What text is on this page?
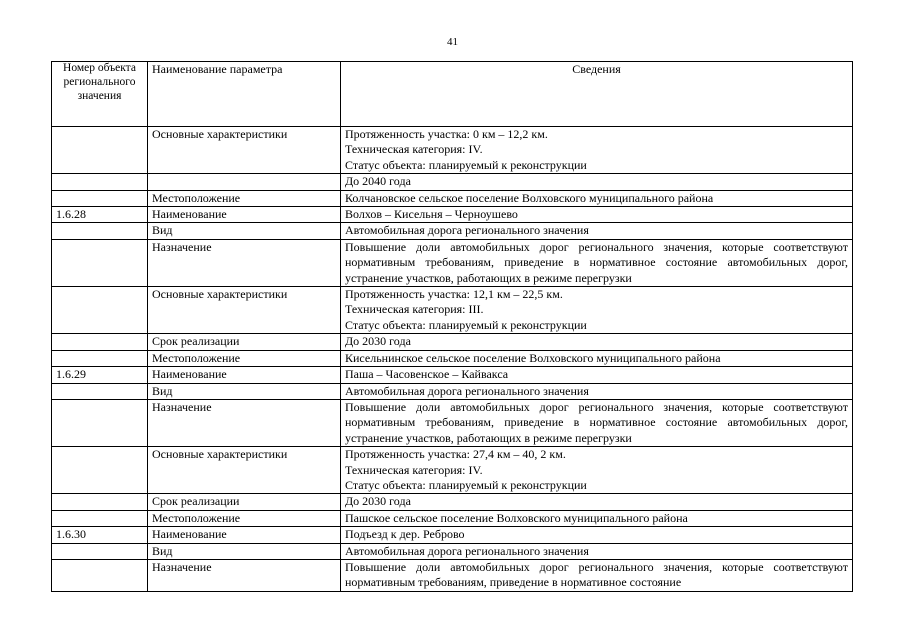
41
Номер объекта регионального значения	Наименование параметра	Сведения
	Основные характеристики	Протяженность участка: 0 км – 12,2 км.
Техническая категория: IV.
Статус объекта: планируемый к реконструкции

		До 2040 года

	Местоположение	Колчановское сельское поселение Волховского муниципального района

1.6.28	Наименование	Волхов – Кисельня – Черноушево

	Вид	Автомобильная дорога регионального значения

	Назначение	Повышение доли автомобильных дорог регионального значения, которые соответствуют нормативным требованиям, приведение в нормативное состояние автомобильных дорог, устранение участков, работающих в режиме перегрузки
	Основные характеристики	Протяженность участка: 12,1 км – 22,5 км.
Техническая категория: III.
Статус объекта: планируемый к реконструкции

	Срок реализации	До 2030 года

	Местоположение	Кисельнинское сельское поселение Волховского муниципального района

1.6.29	Наименование	Паша – Часовенское – Кайвакса

	Вид	Автомобильная дорога регионального значения

	Назначение	Повышение доли автомобильных дорог регионального значения, которые соответствуют нормативным требованиям, приведение в нормативное состояние автомобильных дорог, устранение участков, работающих в режиме перегрузки
	Основные характеристики	Протяженность участка: 27,4 км – 40, 2 км.
Техническая категория: IV.
Статус объекта: планируемый к реконструкции

	Срок реализации	До 2030 года

	Местоположение	Пашское сельское поселение Волховского муниципального района

1.6.30	Наименование	Подъезд к дер. Реброво

	Вид	Автомобильная дорога регионального значения

	Назначение	Повышение доли автомобильных дорог регионального значения, которые соответствуют нормативным требованиям, приведение в нормативное состояние
